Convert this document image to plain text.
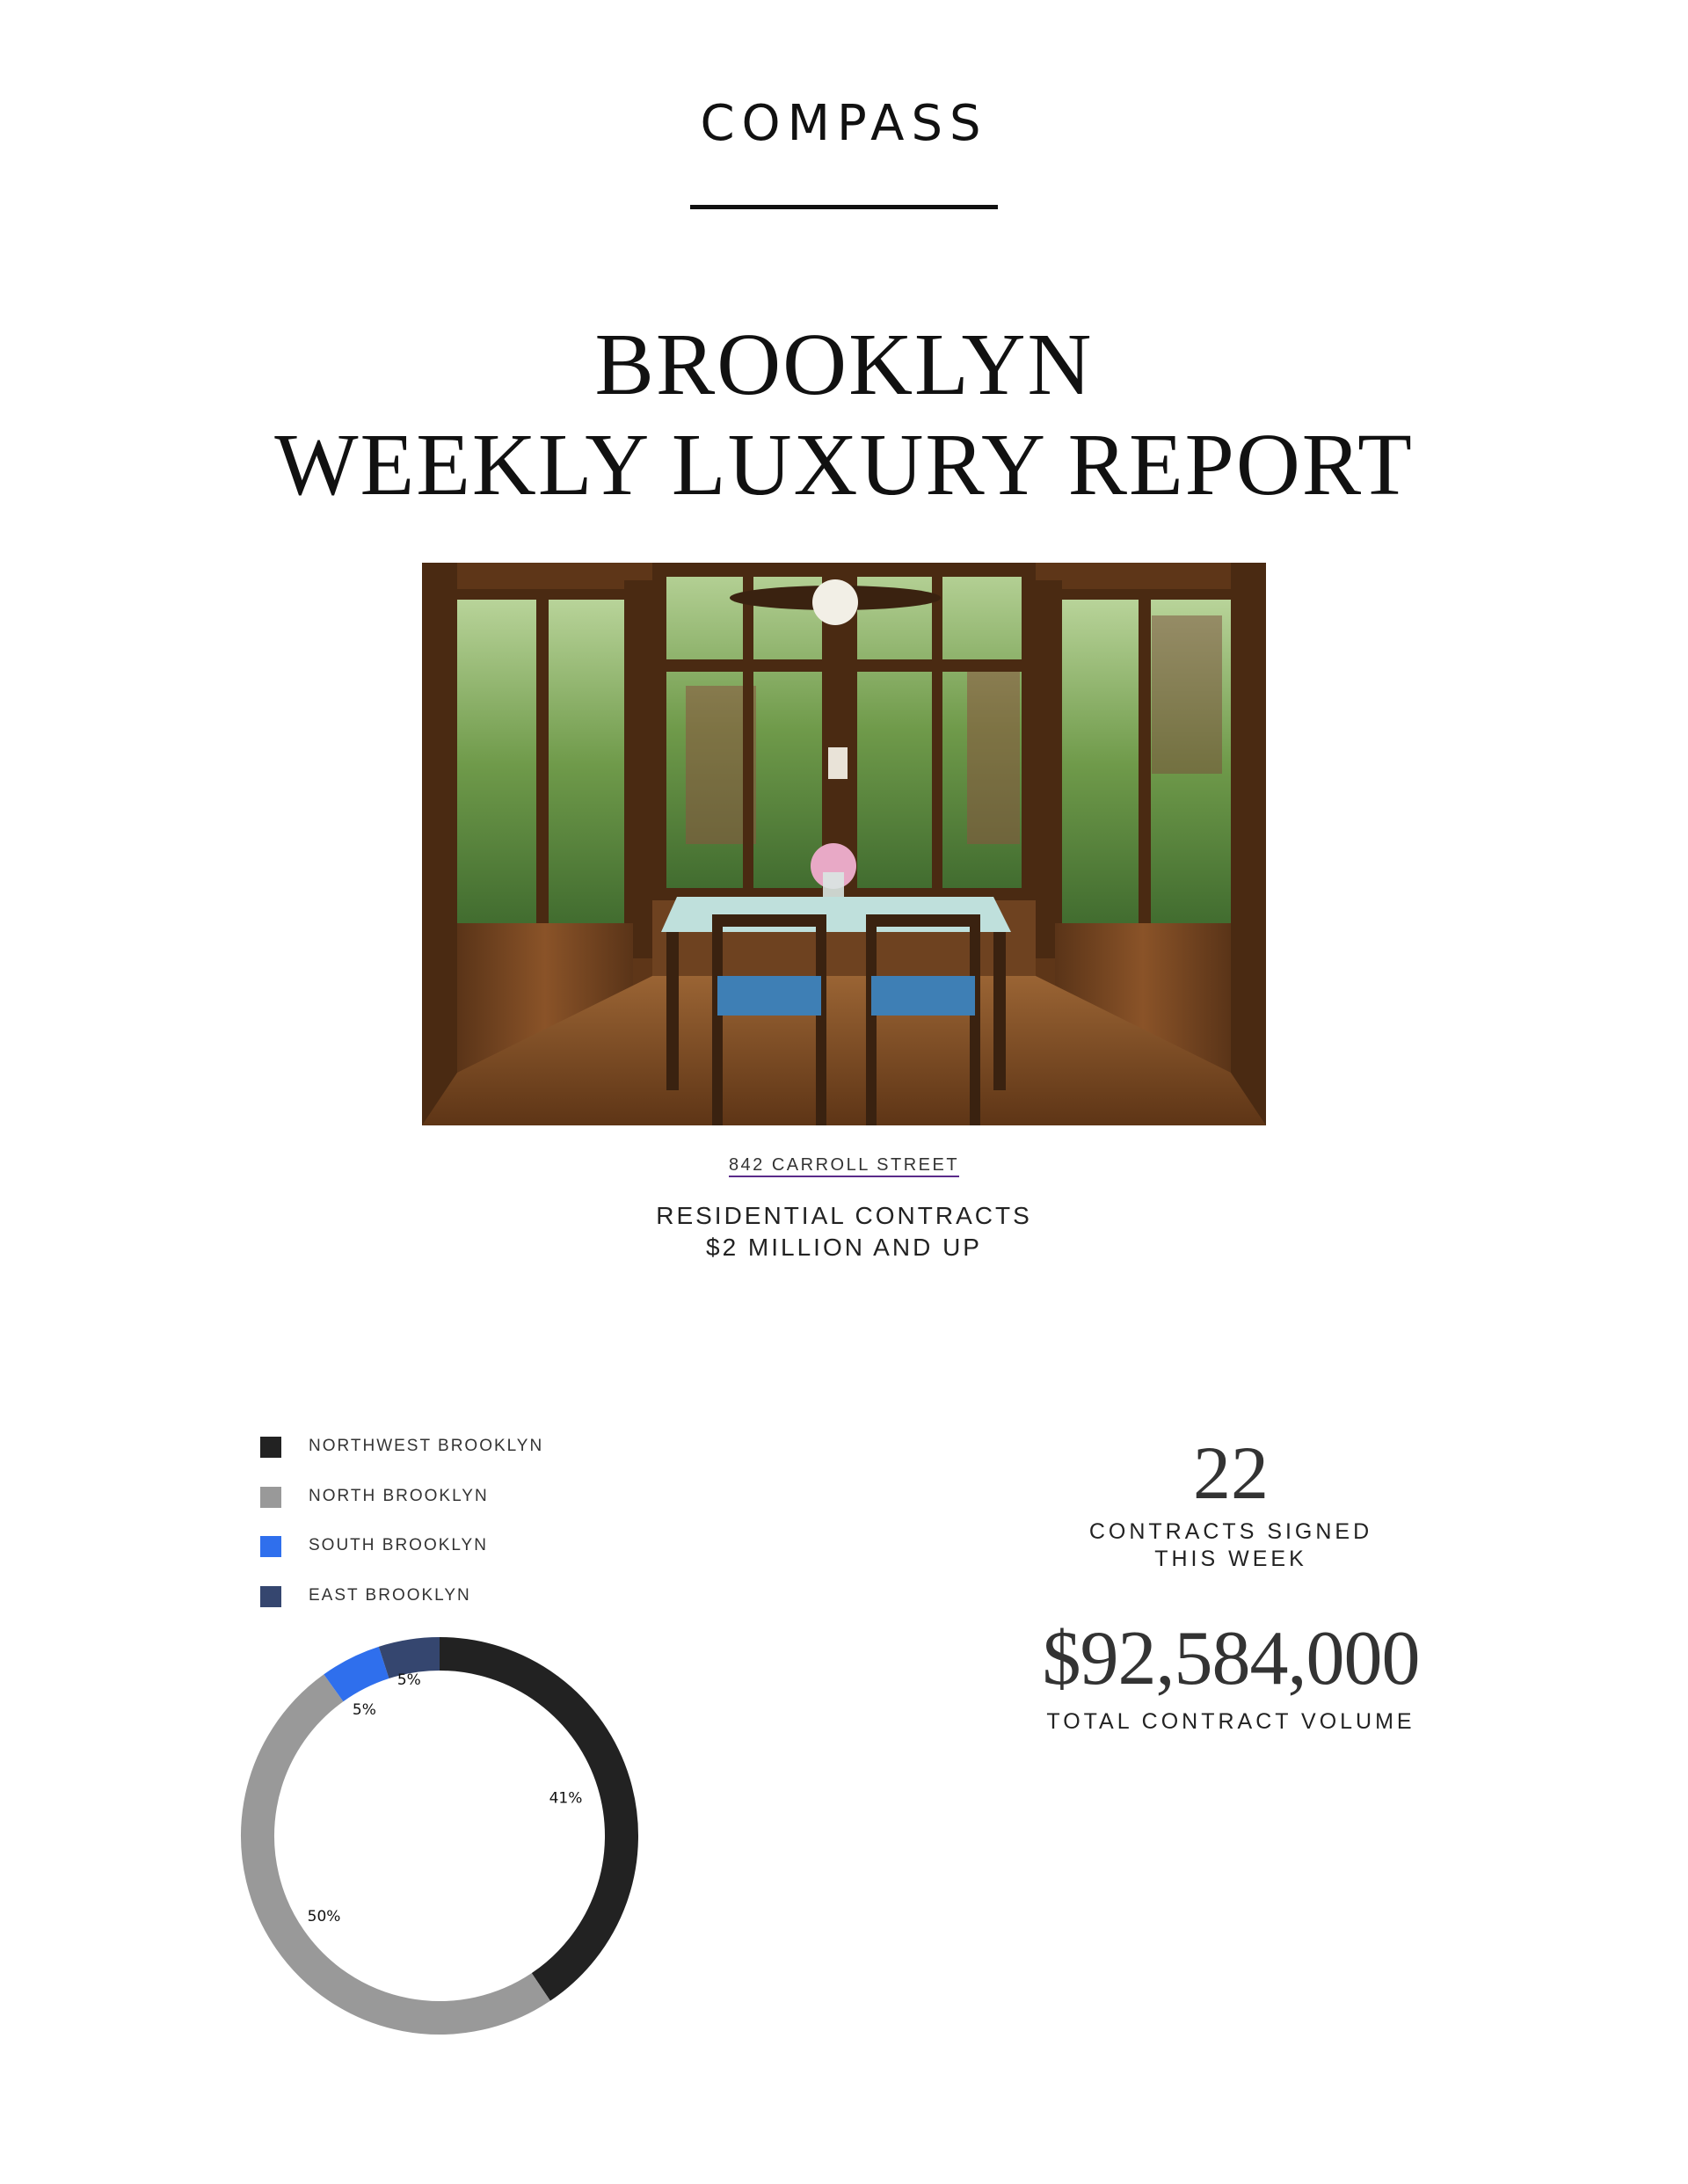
COMPASS
BROOKLYN
WEEKLY LUXURY REPORT
842 CARROLL STREET
RESIDENTIAL CONTRACTS
$2 MILLION AND UP
NORTHWEST BROOKLYN
NORTH BROOKLYN
SOUTH BROOKLYN
EAST BROOKLYN
41%
50%
5%
5%
22
CONTRACTS SIGNED
THIS WEEK
$92,584,000
TOTAL CONTRACT VOLUME
